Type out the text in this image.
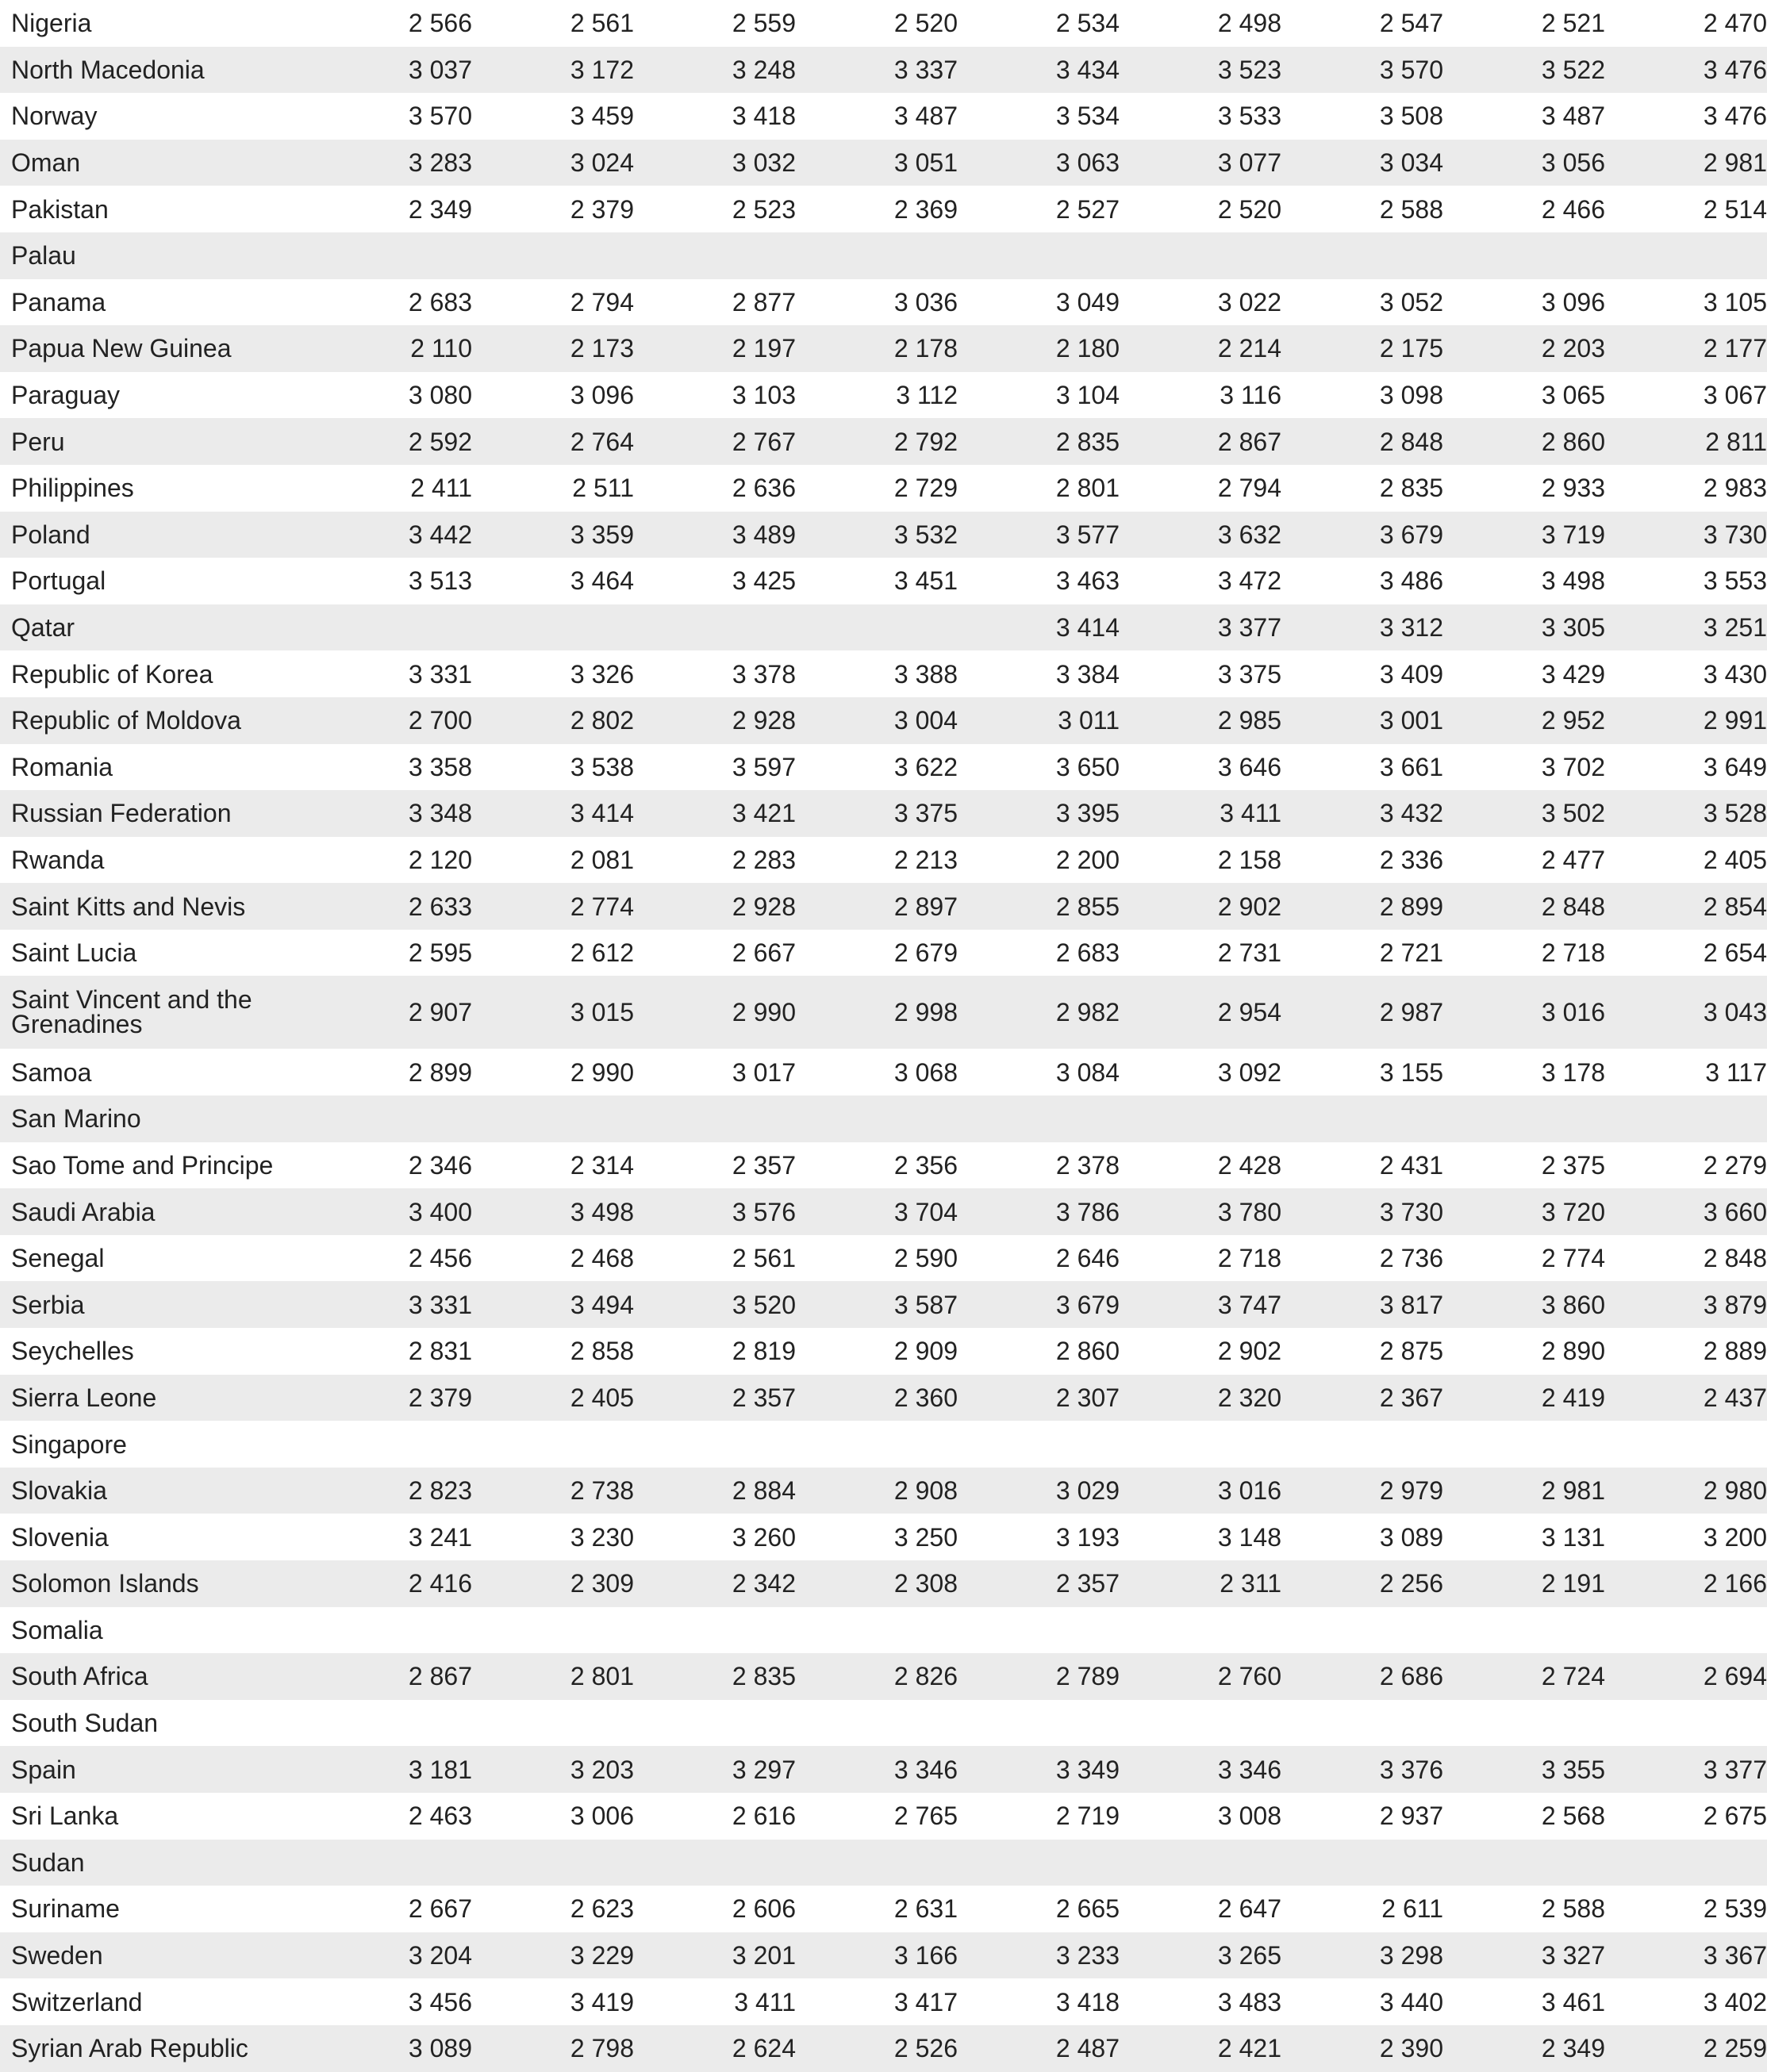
Nigeria	2 566	2 561	2 559	2 520	2 534	2 498	2 547	2 521	2 470
North Macedonia	3 037	3 172	3 248	3 337	3 434	3 523	3 570	3 522	3 476
Norway	3 570	3 459	3 418	3 487	3 534	3 533	3 508	3 487	3 476
Oman	3 283	3 024	3 032	3 051	3 063	3 077	3 034	3 056	2 981
Pakistan	2 349	2 379	2 523	2 369	2 527	2 520	2 588	2 466	2 514
Palau									
Panama	2 683	2 794	2 877	3 036	3 049	3 022	3 052	3 096	3 105
Papua New Guinea	2 110	2 173	2 197	2 178	2 180	2 214	2 175	2 203	2 177
Paraguay	3 080	3 096	3 103	3 112	3 104	3 116	3 098	3 065	3 067
Peru	2 592	2 764	2 767	2 792	2 835	2 867	2 848	2 860	2 811
Philippines	2 411	2 511	2 636	2 729	2 801	2 794	2 835	2 933	2 983
Poland	3 442	3 359	3 489	3 532	3 577	3 632	3 679	3 719	3 730
Portugal	3 513	3 464	3 425	3 451	3 463	3 472	3 486	3 498	3 553
Qatar					3 414	3 377	3 312	3 305	3 251
Republic of Korea	3 331	3 326	3 378	3 388	3 384	3 375	3 409	3 429	3 430
Republic of Moldova	2 700	2 802	2 928	3 004	3 011	2 985	3 001	2 952	2 991
Romania	3 358	3 538	3 597	3 622	3 650	3 646	3 661	3 702	3 649
Russian Federation	3 348	3 414	3 421	3 375	3 395	3 411	3 432	3 502	3 528
Rwanda	2 120	2 081	2 283	2 213	2 200	2 158	2 336	2 477	2 405
Saint Kitts and Nevis	2 633	2 774	2 928	2 897	2 855	2 902	2 899	2 848	2 854
Saint Lucia	2 595	2 612	2 667	2 679	2 683	2 731	2 721	2 718	2 654
Saint Vincent and the Grenadines	2 907	3 015	2 990	2 998	2 982	2 954	2 987	3 016	3 043
Samoa	2 899	2 990	3 017	3 068	3 084	3 092	3 155	3 178	3 117
San Marino									
Sao Tome and Principe	2 346	2 314	2 357	2 356	2 378	2 428	2 431	2 375	2 279
Saudi Arabia	3 400	3 498	3 576	3 704	3 786	3 780	3 730	3 720	3 660
Senegal	2 456	2 468	2 561	2 590	2 646	2 718	2 736	2 774	2 848
Serbia	3 331	3 494	3 520	3 587	3 679	3 747	3 817	3 860	3 879
Seychelles	2 831	2 858	2 819	2 909	2 860	2 902	2 875	2 890	2 889
Sierra Leone	2 379	2 405	2 357	2 360	2 307	2 320	2 367	2 419	2 437
Singapore									
Slovakia	2 823	2 738	2 884	2 908	3 029	3 016	2 979	2 981	2 980
Slovenia	3 241	3 230	3 260	3 250	3 193	3 148	3 089	3 131	3 200
Solomon Islands	2 416	2 309	2 342	2 308	2 357	2 311	2 256	2 191	2 166
Somalia									
South Africa	2 867	2 801	2 835	2 826	2 789	2 760	2 686	2 724	2 694
South Sudan									
Spain	3 181	3 203	3 297	3 346	3 349	3 346	3 376	3 355	3 377
Sri Lanka	2 463	3 006	2 616	2 765	2 719	3 008	2 937	2 568	2 675
Sudan									
Suriname	2 667	2 623	2 606	2 631	2 665	2 647	2 611	2 588	2 539
Sweden	3 204	3 229	3 201	3 166	3 233	3 265	3 298	3 327	3 367
Switzerland	3 456	3 419	3 411	3 417	3 418	3 483	3 440	3 461	3 402
Syrian Arab Republic	3 089	2 798	2 624	2 526	2 487	2 421	2 390	2 349	2 259
